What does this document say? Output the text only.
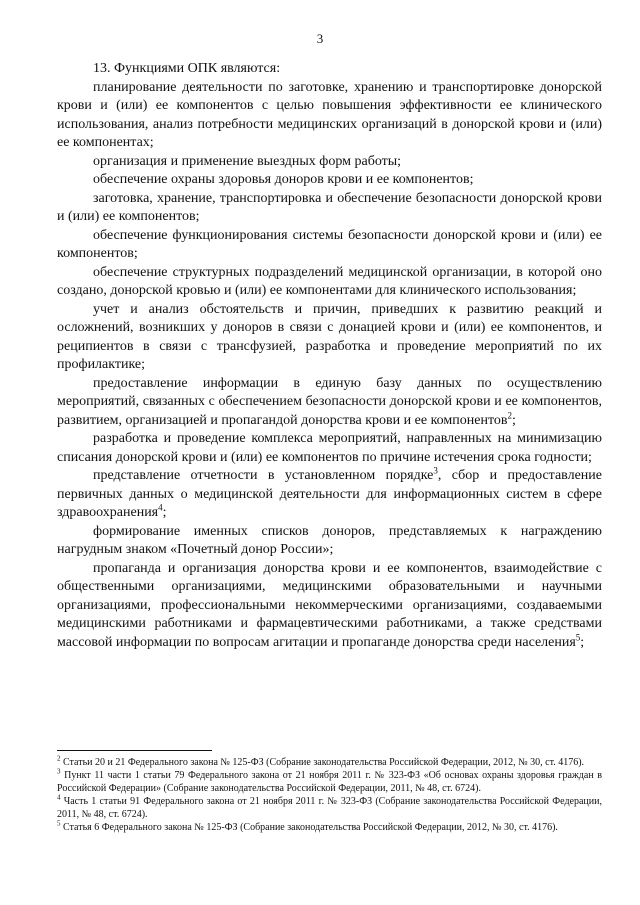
3

13. Функциями ОПК являются:

планирование деятельности по заготовке, хранению и транспортировке донорской крови и (или) ее компонентов с целью повышения эффективности ее клинического использования, анализ потребности медицинских организаций в донорской крови и (или) ее компонентах;

организация и применение выездных форм работы;

обеспечение охраны здоровья доноров крови и ее компонентов;

заготовка, хранение, транспортировка и обеспечение безопасности донорской крови и (или) ее компонентов;

обеспечение функционирования системы безопасности донорской крови и (или) ее компонентов;

обеспечение структурных подразделений медицинской организации, в которой оно создано, донорской кровью и (или) ее компонентами для клинического использования;

учет и анализ обстоятельств и причин, приведших к развитию реакций и осложнений, возникших у доноров в связи с донацией крови и (или) ее компонентов, и реципиентов в связи с трансфузией, разработка и проведение мероприятий по их профилактике;

предоставление информации в единую базу данных по осуществлению мероприятий, связанных с обеспечением безопасности донорской крови и ее компонентов, развитием, организацией и пропагандой донорства крови и ее компонентов$^2$;

разработка и проведение комплекса мероприятий, направленных на минимизацию списания донорской крови и (или) ее компонентов по причине истечения срока годности;

представление отчетности в установленном порядке$^3$, сбор и предоставление первичных данных о медицинской деятельности для информационных систем в сфере здравоохранения$^4$;

формирование именных списков доноров, представляемых к награждению нагрудным знаком «Почетный донор России»;

пропаганда и организация донорства крови и ее компонентов, взаимодействие с общественными организациями, медицинскими образовательными и научными организациями, профессиональными некоммерческими организациями, создаваемыми медицинскими работниками и фармацевтическими работниками, а также средствами массовой информации по вопросам агитации и пропаганде донорства среди населения$^5$;

$^2$ Статьи 20 и 21 Федерального закона № 125-ФЗ (Собрание законодательства Российской Федерации, 2012, № 30, ст. 4176).

$^3$ Пункт 11 части 1 статьи 79 Федерального закона от 21 ноября 2011 г. № 323-ФЗ «Об основах охраны здоровья граждан в Российской Федерации» (Собрание законодательства Российской Федерации, 2011, № 48, ст. 6724).

$^4$ Часть 1 статьи 91 Федерального закона от 21 ноября 2011 г. № 323-ФЗ (Собрание законодательства Российской Федерации, 2011, № 48, ст. 6724).

$^5$ Статья 6 Федерального закона № 125-ФЗ (Собрание законодательства Российской Федерации, 2012, № 30, ст. 4176).
